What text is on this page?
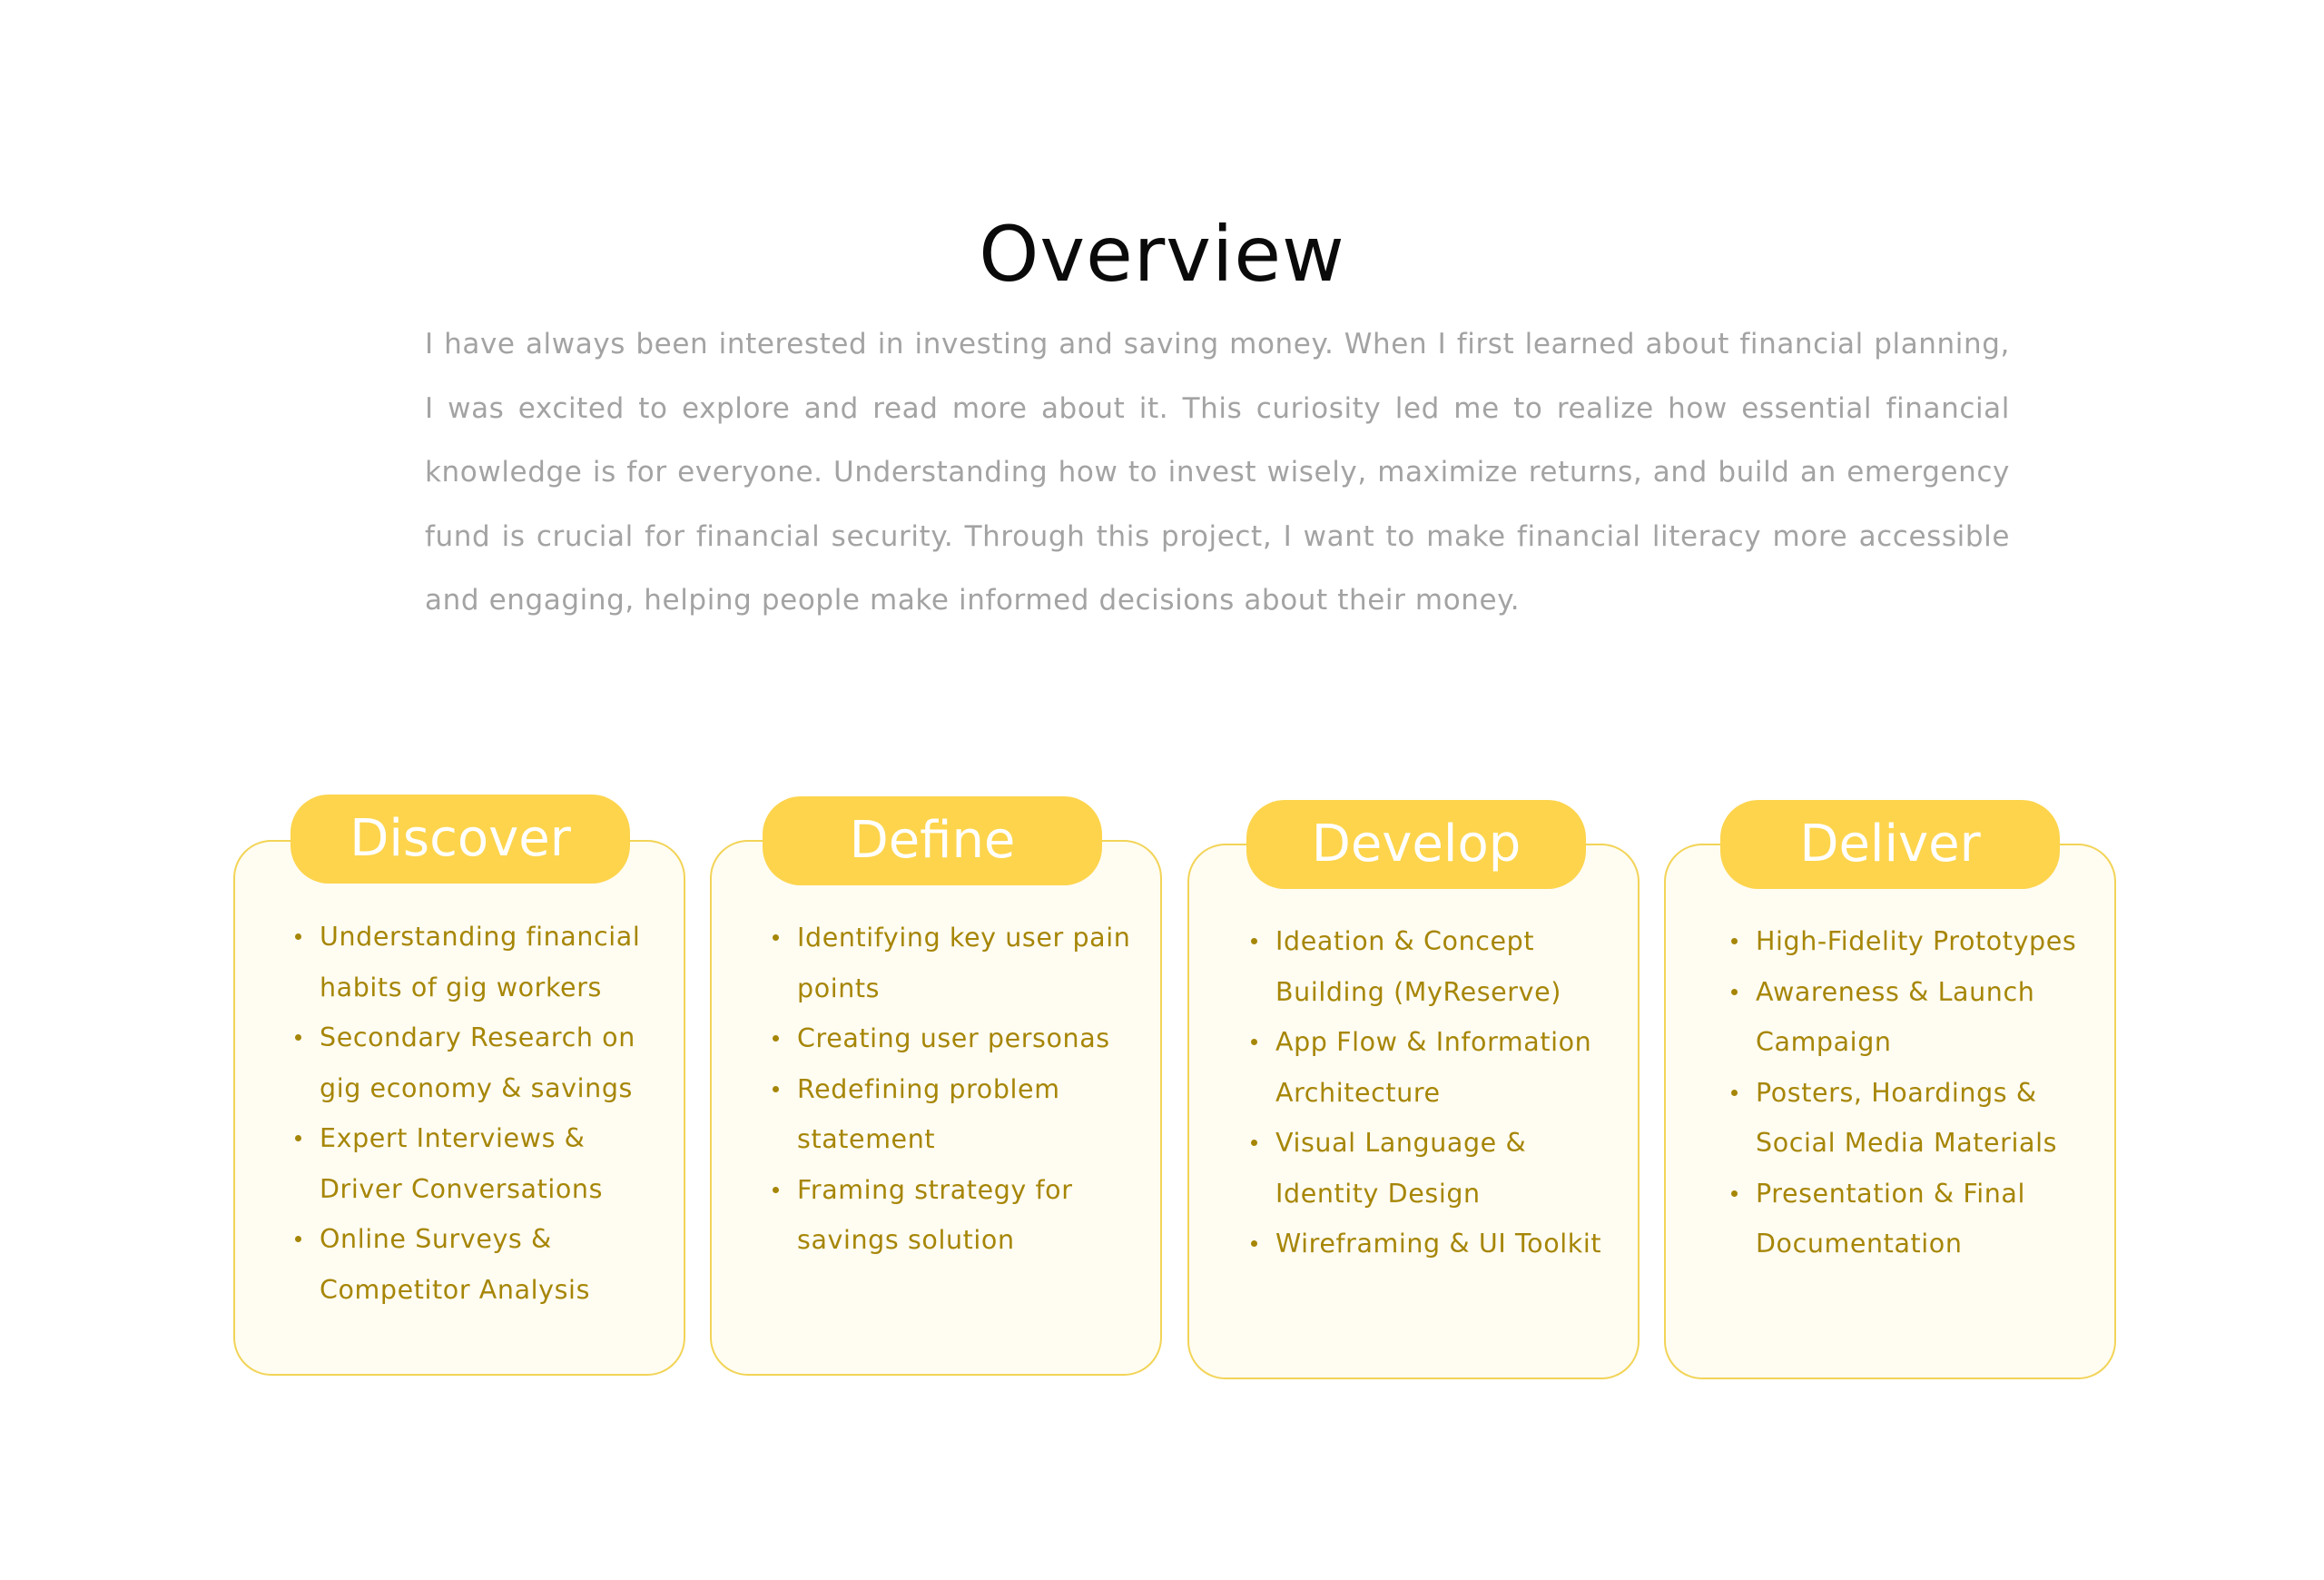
Overview

I have always been interested in investing and saving money. When I first learned about financial planning, I was excited to explore and read more about it. This curiosity led me to realize how essential financial knowledge is for everyone. Understanding how to invest wisely, maximize returns, and build an emergency fund is crucial for financial security. Through this project, I want to make financial literacy more accessible and engaging, helping people make informed decisions about their money.

Discover
Understanding financial habits of gig workers
Secondary Research on gig economy & savings
Expert Interviews & Driver Conversations
Online Surveys & Competitor Analysis
Define
Identifying key user pain points
Creating user personas
Redefining problem statement
Framing strategy for savings solution
Develop
Ideation & Concept Building (MyReserve)
App Flow & Information Architecture
Visual Language & Identity Design
Wireframing & UI Toolkit
Deliver
High-Fidelity Prototypes
Awareness & Launch Campaign
Posters, Hoardings & Social Media Materials
Presentation & Final Documentation
